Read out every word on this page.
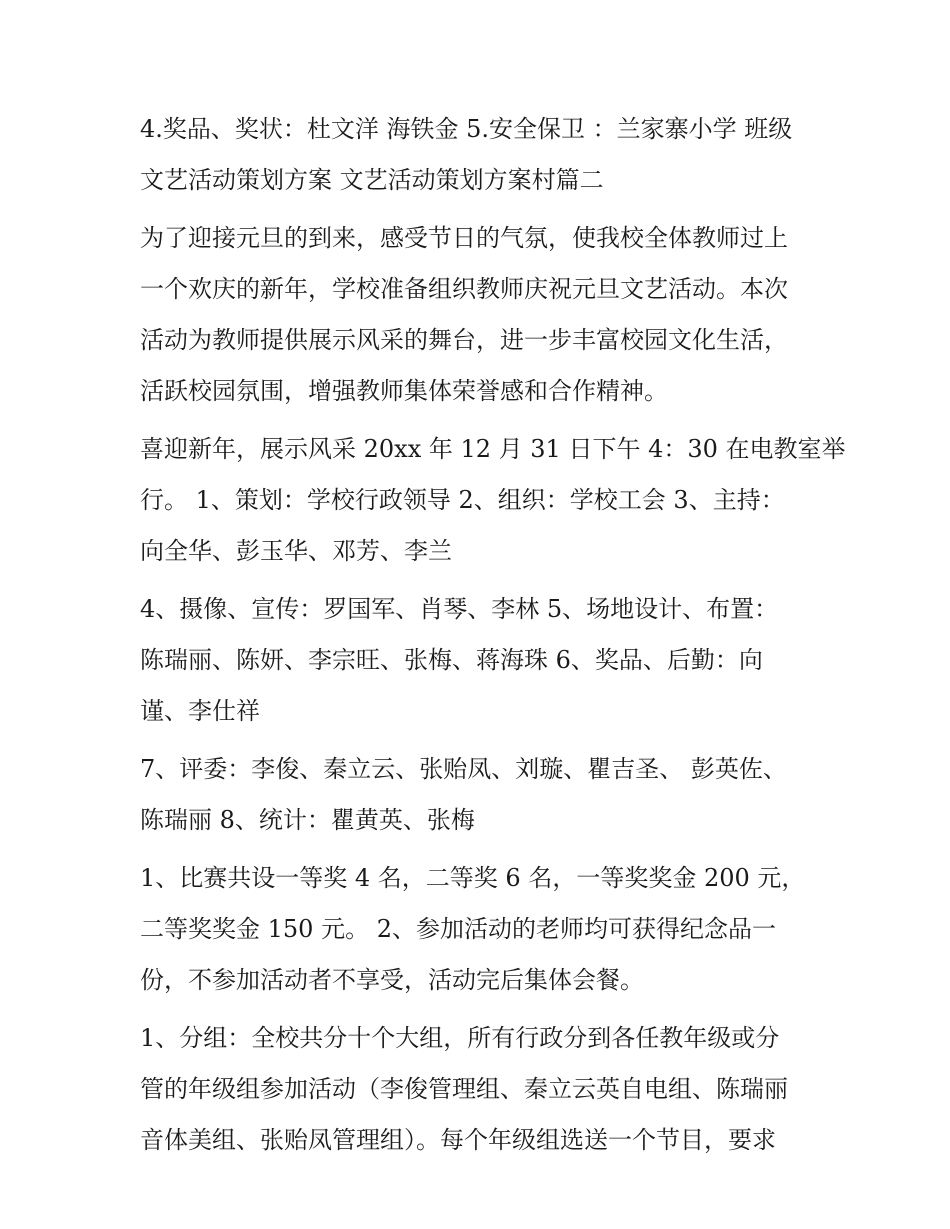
4.奖品、奖状：杜文洋 海铁金 5.安全保卫 ：兰家寨小学 班级
文艺活动策划方案 文艺活动策划方案村篇二
为了迎接元旦的到来，感受节日的气氛，使我校全体教师过上
一个欢庆的新年，学校准备组织教师庆祝元旦文艺活动。本次
活动为教师提供展示风采的舞台，进一步丰富校园文化生活，
活跃校园氛围，增强教师集体荣誉感和合作精神。
喜迎新年，展示风采 20xx 年 12 月 31 日下午 4：30 在电教室举
行。 1、策划：学校行政领导 2、组织：学校工会 3、主持：
向全华、彭玉华、邓芳、李兰
4、摄像、宣传：罗国军、肖琴、李林 5、场地设计、布置：
陈瑞丽、陈妍、李宗旺、张梅、蒋海珠 6、奖品、后勤：向
谨、李仕祥
7、评委：李俊、秦立云、张贻凤、刘璇、瞿吉圣、 彭英佐、
陈瑞丽 8、统计：瞿黄英、张梅
1、比赛共设一等奖 4 名，二等奖 6 名，一等奖奖金 200 元，
二等奖奖金 150 元。 2、参加活动的老师均可获得纪念品一
份，不参加活动者不享受，活动完后集体会餐。
1、分组：全校共分十个大组，所有行政分到各任教年级或分
管的年级组参加活动（李俊管理组、秦立云英自电组、陈瑞丽
音体美组、张贻凤管理组）。每个年级组选送一个节目，要求
